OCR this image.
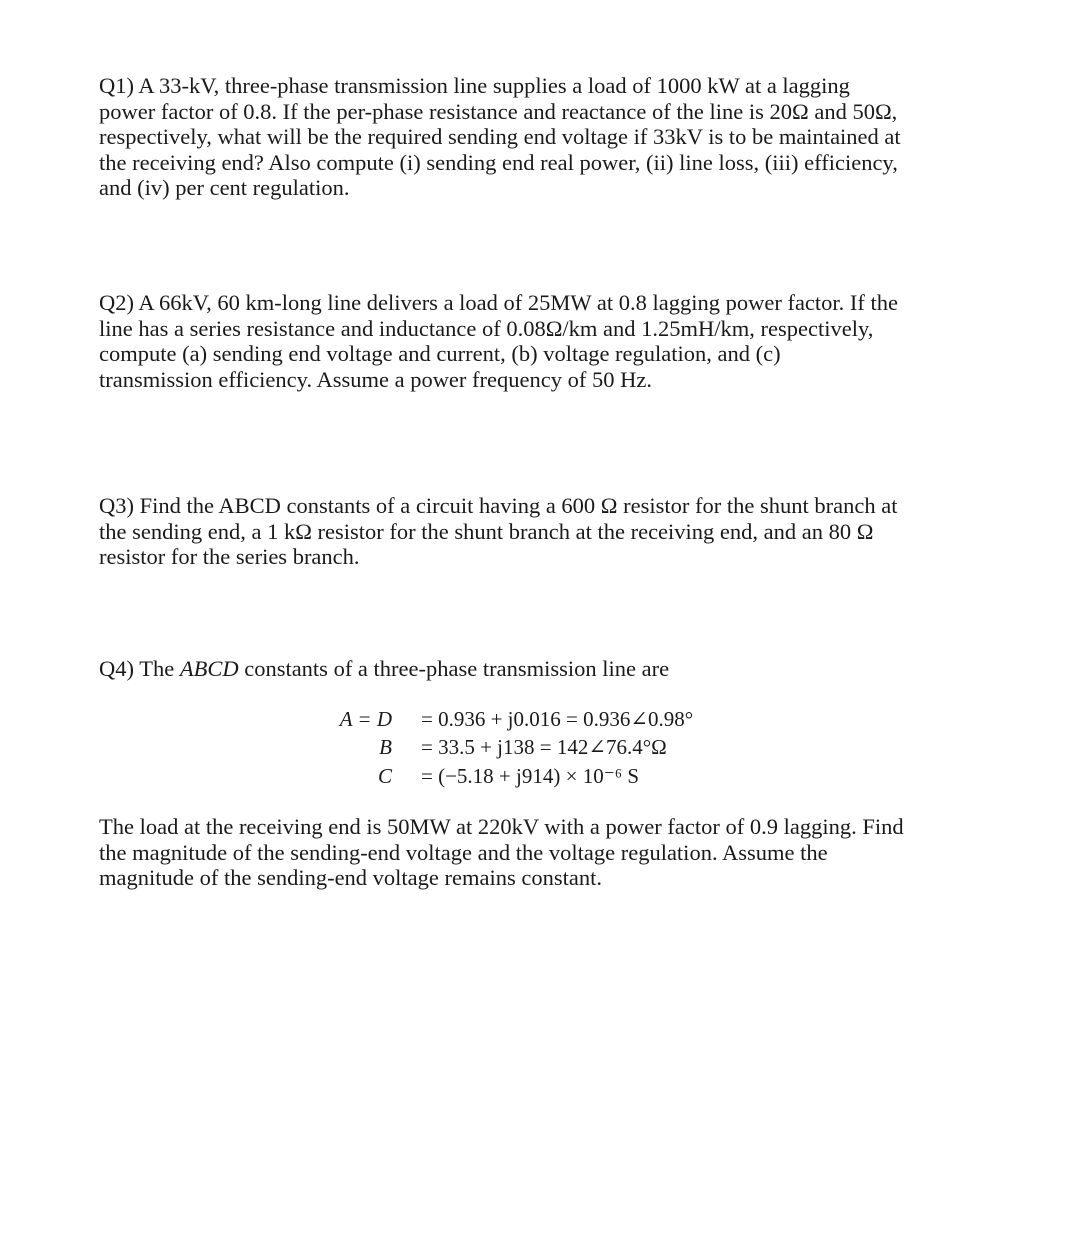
Q1) A 33-kV, three-phase transmission line supplies a load of 1000 kW at a lagging
power factor of 0.8. If the per-phase resistance and reactance of the line is 20Ω and 50Ω,
respectively, what will be the required sending end voltage if 33kV is to be maintained at
the receiving end? Also compute (i) sending end real power, (ii) line loss, (iii) efficiency,
and (iv) per cent regulation.
Q2) A 66kV, 60 km-long line delivers a load of 25MW at 0.8 lagging power factor. If the
line has a series resistance and inductance of 0.08Ω/km and 1.25mH/km, respectively,
compute (a) sending end voltage and current, (b) voltage regulation, and (c)
transmission efficiency. Assume a power frequency of 50 Hz.
Q3) Find the ABCD constants of a circuit having a 600 Ω resistor for the shunt branch at
the sending end, a 1 kΩ resistor for the shunt branch at the receiving end, and an 80 Ω
resistor for the series branch.
Q4) The ABCD constants of a three-phase transmission line are
A = D = 0.936 + j0.016 = 0.936∠0.98°
B = 33.5 + j138 = 142∠76.4°Ω
C = (−5.18 + j914) × 10⁻⁶ S
The load at the receiving end is 50MW at 220kV with a power factor of 0.9 lagging. Find
the magnitude of the sending-end voltage and the voltage regulation. Assume the
magnitude of the sending-end voltage remains constant.
